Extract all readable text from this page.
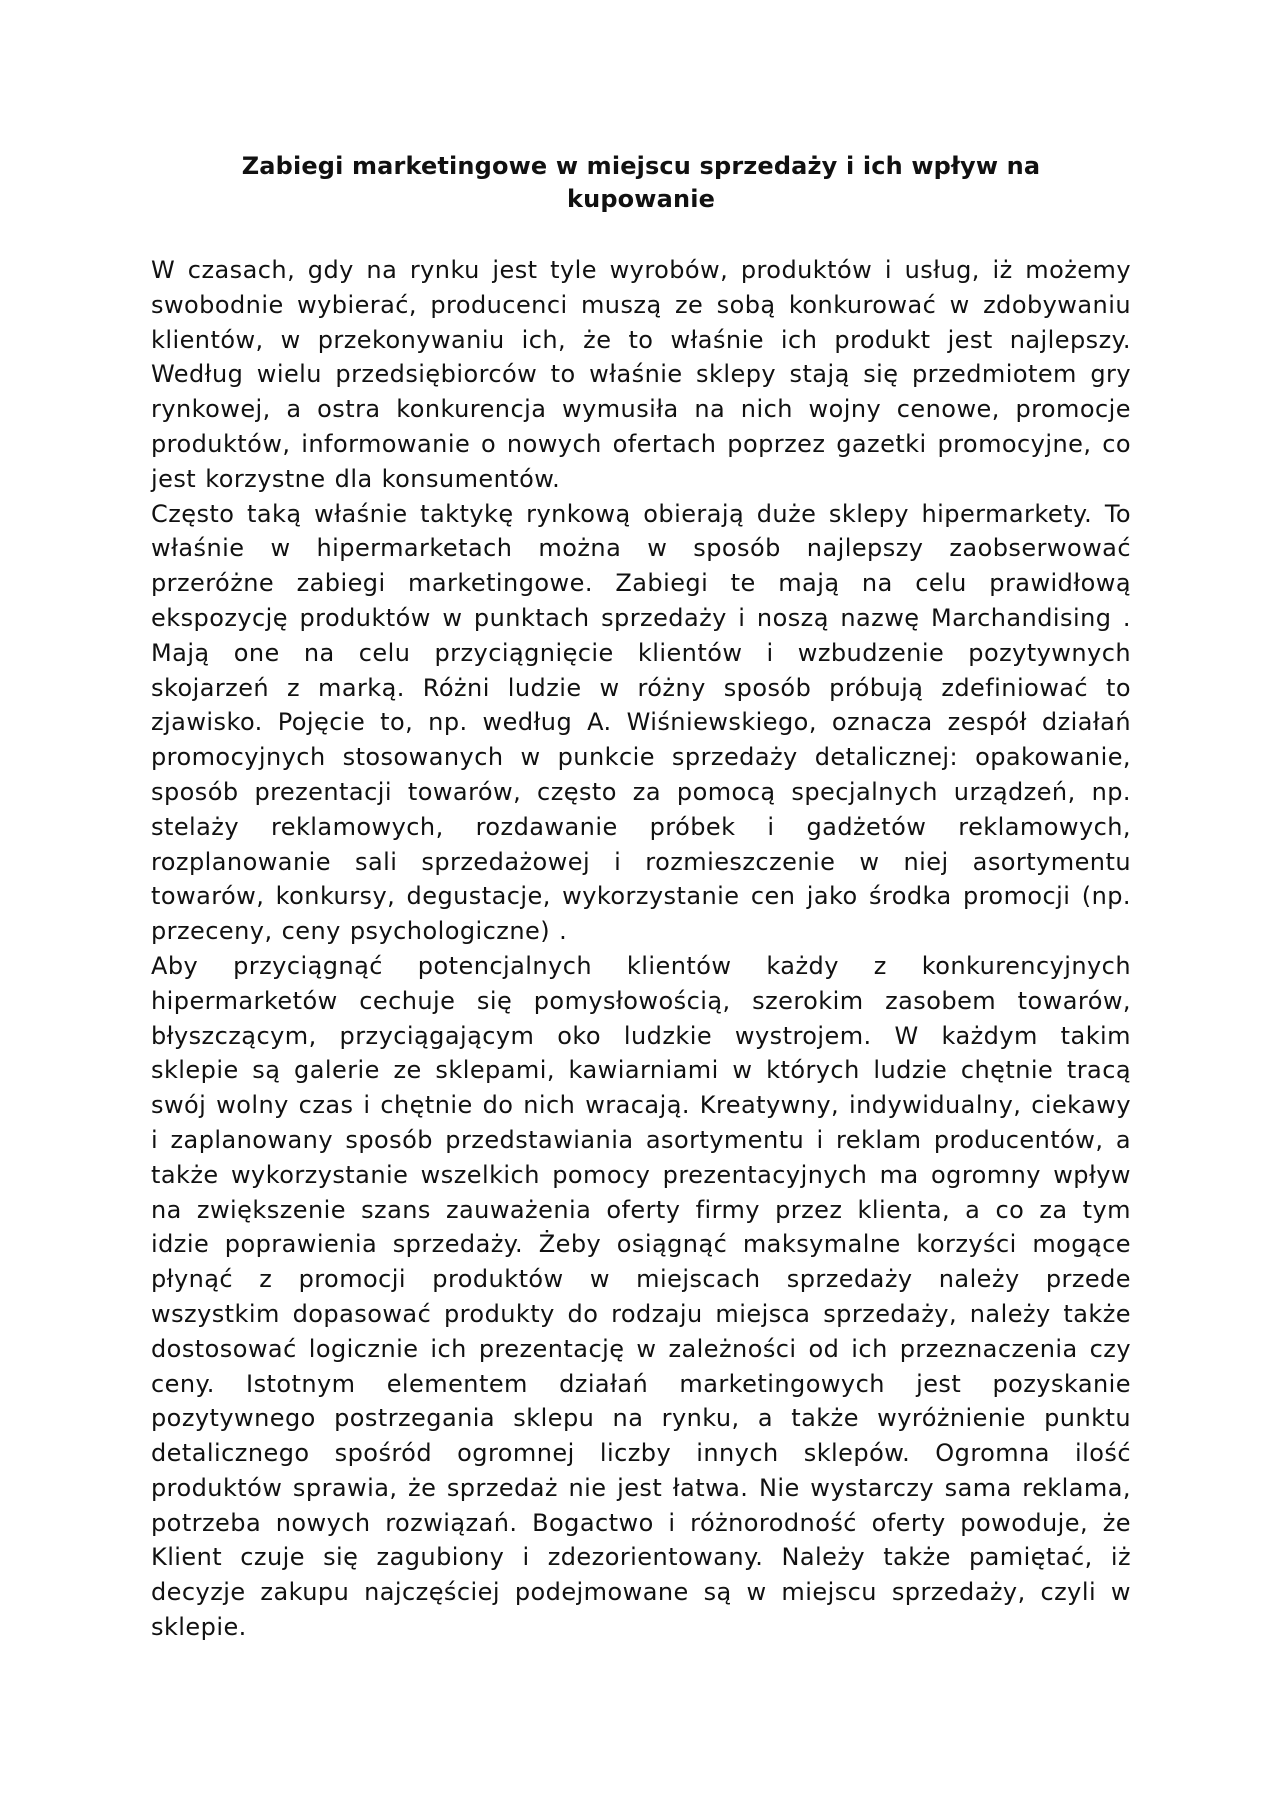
Zabiegi marketingowe w miejscu sprzedaży i ich wpływ na
kupowanie

W czasach, gdy na rynku jest tyle wyrobów, produktów i usług, iż możemy swobodnie wybierać, producenci muszą ze sobą konkurować w zdobywaniu klientów, w przekonywaniu ich, że to właśnie ich produkt jest najlepszy. Według wielu przedsiębiorców to właśnie sklepy stają się przedmiotem gry rynkowej, a ostra konkurencja wymusiła na nich wojny cenowe, promocje produktów, informowanie o nowych ofertach poprzez gazetki promocyjne, co jest korzystne dla konsumentów.

Często taką właśnie taktykę rynkową obierają duże sklepy hipermarkety. To właśnie w hipermarketach można w sposób najlepszy zaobserwować przeróżne zabiegi marketingowe. Zabiegi te mają na celu prawidłową ekspozycję produktów w punktach sprzedaży i noszą nazwę Marchandising . Mają one na celu przyciągnięcie klientów i wzbudzenie pozytywnych skojarzeń z marką. Różni ludzie w różny sposób próbują zdefiniować to zjawisko. Pojęcie to, np. według A. Wiśniewskiego, oznacza zespół działań promocyjnych stosowanych w punkcie sprzedaży detalicznej: opakowanie, sposób prezentacji towarów, często za pomocą specjalnych urządzeń, np. stelaży reklamowych, rozdawanie próbek i gadżetów reklamowych, rozplanowanie sali sprzedażowej i rozmieszczenie w niej asortymentu towarów, konkursy, degustacje, wykorzystanie cen jako środka promocji (np. przeceny, ceny psychologiczne) .

Aby przyciągnąć potencjalnych klientów każdy z konkurencyjnych hipermarketów cechuje się pomysłowością, szerokim zasobem towarów, błyszczącym, przyciągającym oko ludzkie wystrojem. W każdym takim sklepie są galerie ze sklepami, kawiarniami w których ludzie chętnie tracą swój wolny czas i chętnie do nich wracają. Kreatywny, indywidualny, ciekawy i zaplanowany sposób przedstawiania asortymentu i reklam producentów, a także wykorzystanie wszelkich pomocy prezentacyjnych ma ogromny wpływ na zwiększenie szans zauważenia oferty firmy przez klienta, a co za tym idzie poprawienia sprzedaży. Żeby osiągnąć maksymalne korzyści mogące płynąć z promocji produktów w miejscach sprzedaży należy przede wszystkim dopasować produkty do rodzaju miejsca sprzedaży, należy także dostosować logicznie ich prezentację w zależności od ich przeznaczenia czy ceny. Istotnym elementem działań marketingowych jest pozyskanie pozytywnego postrzegania sklepu na rynku, a także wyróżnienie punktu detalicznego spośród ogromnej liczby innych sklepów. Ogromna ilość produktów sprawia, że sprzedaż nie jest łatwa. Nie wystarczy sama reklama, potrzeba nowych rozwiązań. Bogactwo i różnorodność oferty powoduje, że Klient czuje się zagubiony i zdezorientowany. Należy także pamiętać, iż decyzje zakupu najczęściej podejmowane są w miejscu sprzedaży, czyli w sklepie.
